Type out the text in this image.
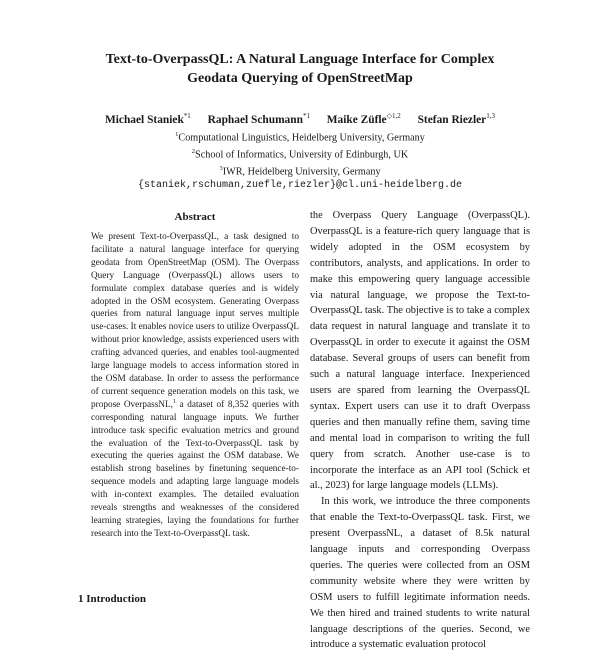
Text-to-OverpassQL: A Natural Language Interface for Complex
Geodata Querying of OpenStreetMap
Michael Staniek$^{*1}$ Raphael Schumann$^{*1}$ Maike Züfle$^{◇1,2}$ Stefan Riezler$^{1,3}$
$^1$Computational Linguistics, Heidelberg University, Germany
$^2$School of Informatics, University of Edinburgh, UK
$^3$IWR, Heidelberg University, Germany
{staniek,rschuman,zuefle,riezler}@cl.uni-heidelberg.de
Abstract
We present Text-to-OverpassQL, a task designed to facilitate a natural language interface for querying geodata from OpenStreetMap (OSM). The Overpass Query Language (OverpassQL) allows users to formulate complex database queries and is widely adopted in the OSM ecosystem. Generating Overpass queries from natural language input serves multiple use-cases. It enables novice users to utilize OverpassQL without prior knowledge, assists experienced users with crafting advanced queries, and enables tool-augmented large language models to access information stored in the OSM database. In order to assess the performance of current sequence generation models on this task, we propose OverpassNL,$^1$ a dataset of 8,352 queries with corresponding natural language inputs. We further introduce task specific evaluation metrics and ground the evaluation of the Text-to-OverpassQL task by executing the queries against the OSM database. We establish strong baselines by finetuning sequence-to-sequence models and adapting large language models with in-context examples. The detailed evaluation reveals strengths and weaknesses of the considered learning strategies, laying the foundations for further research into the Text-to-OverpassQL task.

the Overpass Query Language (OverpassQL). OverpassQL is a feature-rich query language that is widely adopted in the OSM ecosystem by contributors, analysts, and applications. In order to make this empowering query language accessible via natural language, we propose the Text-to-OverpassQL task. The objective is to take a complex data request in natural language and translate it to OverpassQL in order to execute it against the OSM database. Several groups of users can benefit from such a natural language interface. Inexperienced users are spared from learning the OverpassQL syntax. Expert users can use it to draft Overpass queries and then manually refine them, saving time and mental load in comparison to writing the full query from scratch. Another use-case is to incorporate the interface as an API tool (Schick et al., 2023) for large language models (LLMs).

In this work, we introduce the three components that enable the Text-to-OverpassQL task. First, we present OverpassNL, a dataset of 8.5k natural language inputs and corresponding Overpass queries. The queries were collected from an OSM community website where they were written by OSM users to fulfill legitimate information needs. We then hired and trained students to write natural language descriptions of the queries. Second, we introduce a systematic evaluation protocol

1 Introduction
